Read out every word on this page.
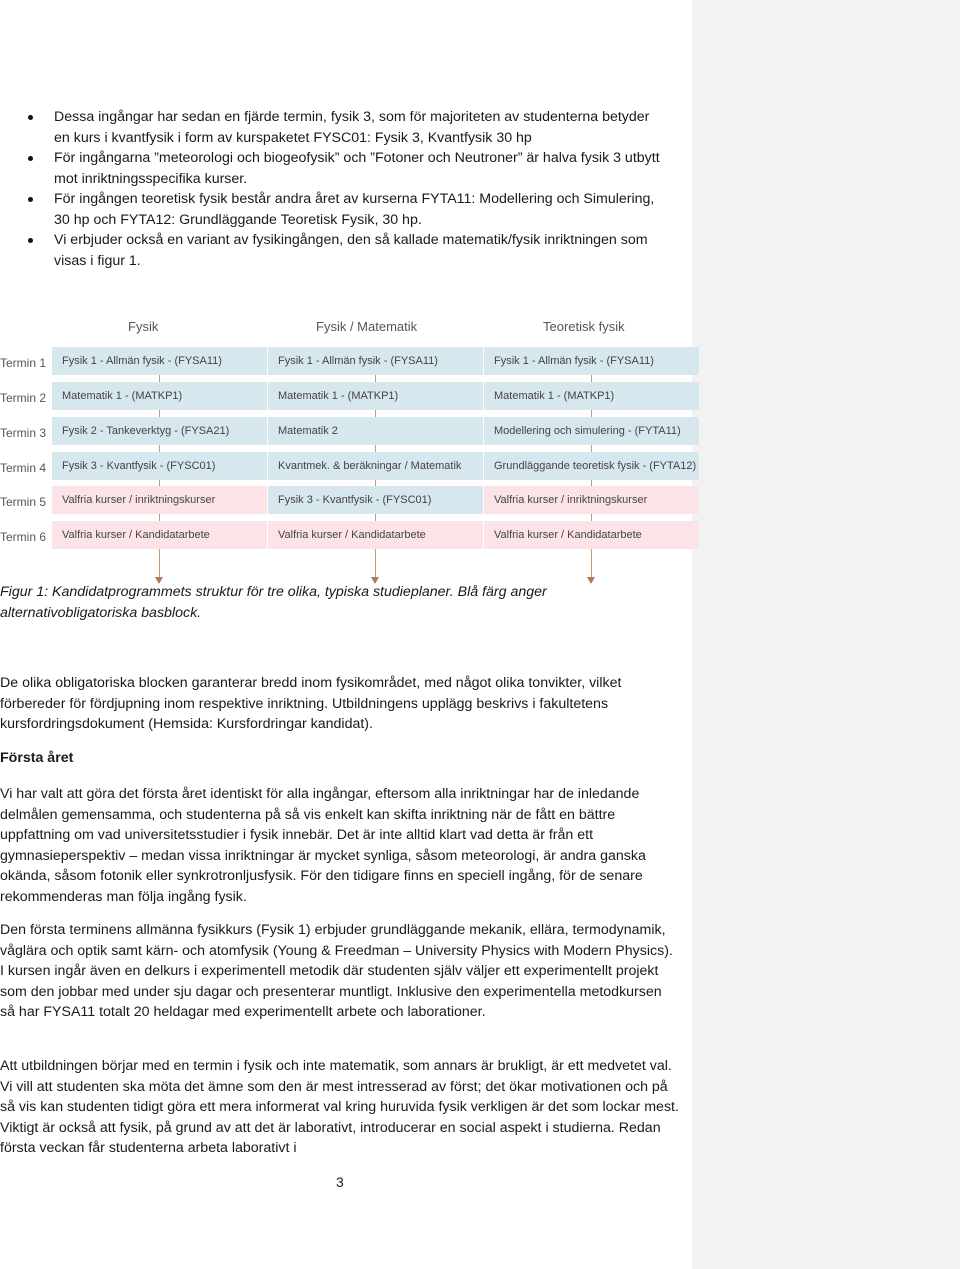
Dessa ingångar har sedan en fjärde termin, fysik 3, som för majoriteten av studenterna betyder en kurs i kvantfysik i form av kurspaketet FYSC01: Fysik 3, Kvantfysik 30 hp
För ingångarna ”meteorologi och biogeofysik” och ”Fotoner och Neutroner” är halva fysik 3 utbytt mot inriktningsspecifika kurser.
För ingången teoretisk fysik består andra året av kurserna FYTA11: Modellering och Simulering, 30 hp och FYTA12: Grundläggande Teoretisk Fysik, 30 hp.
Vi erbjuder också en variant av fysikingången, den så kallade matematik/fysik inriktningen som visas i figur 1.
Fysik	Fysik / Matematik	Teoretisk fysik
Termin 1
Termin 2
Termin 3
Termin 4
Termin 5
Termin 6
Fysik 1 - Allmän fysik - (FYSA11)
Matematik 1 - (MATKP1)
Fysik 2 - Tankeverktyg - (FYSA21)
Fysik 3 - Kvantfysik - (FYSC01)
Valfria kurser / inriktningskurser
Valfria kurser / Kandidatarbete
Fysik 1 - Allmän fysik - (FYSA11)
Matematik 1 - (MATKP1)
Matematik 2
Kvantmek. & beräkningar / Matematik
Fysik 3 - Kvantfysik - (FYSC01)
Valfria kurser / Kandidatarbete
Fysik 1 - Allmän fysik - (FYSA11)
Matematik 1 - (MATKP1)
Modellering och simulering - (FYTA11)
Grundläggande teoretisk fysik - (FYTA12)
Valfria kurser / inriktningskurser
Valfria kurser / Kandidatarbete
Figur 1: Kandidatprogrammets struktur för tre olika, typiska studieplaner. Blå färg anger alternativobligatoriska basblock.
De olika obligatoriska blocken garanterar bredd inom fysikområdet, med något olika tonvikter, vilket förbereder för fördjupning inom respektive inriktning. Utbildningens upplägg beskrivs i fakultetens kursfordringsdokument (Hemsida: Kursfordringar kandidat).
Första året
Vi har valt att göra det första året identiskt för alla ingångar, eftersom alla inriktningar har de inledande delmålen gemensamma, och studenterna på så vis enkelt kan skifta inriktning när de fått en bättre uppfattning om vad universitetsstudier i fysik innebär. Det är inte alltid klart vad detta är från ett gymnasieperspektiv – medan vissa inriktningar är mycket synliga, såsom meteorologi, är andra ganska okända, såsom fotonik eller synkrotronljusfysik. För den tidigare finns en speciell ingång, för de senare rekommenderas man följa ingång fysik.
Den första terminens allmänna fysikkurs (Fysik 1) erbjuder grundläggande mekanik, ellära, termodynamik, våglära och optik samt kärn- och atomfysik (Young & Freedman – University Physics with Modern Physics). I kursen ingår även en delkurs i experimentell metodik där studenten själv väljer ett experimentellt projekt som den jobbar med under sju dagar och presenterar muntligt. Inklusive den experimentella metodkursen så har FYSA11 totalt 20 heldagar med experimentellt arbete och laborationer.
Att utbildningen börjar med en termin i fysik och inte matematik, som annars är brukligt, är ett medvetet val. Vi vill att studenten ska möta det ämne som den är mest intresserad av först; det ökar motivationen och på så vis kan studenten tidigt göra ett mera informerat val kring huruvida fysik verkligen är det som lockar mest. Viktigt är också att fysik, på grund av att det är laborativt, introducerar en social aspekt i studierna. Redan första veckan får studenterna arbeta laborativt i
3
